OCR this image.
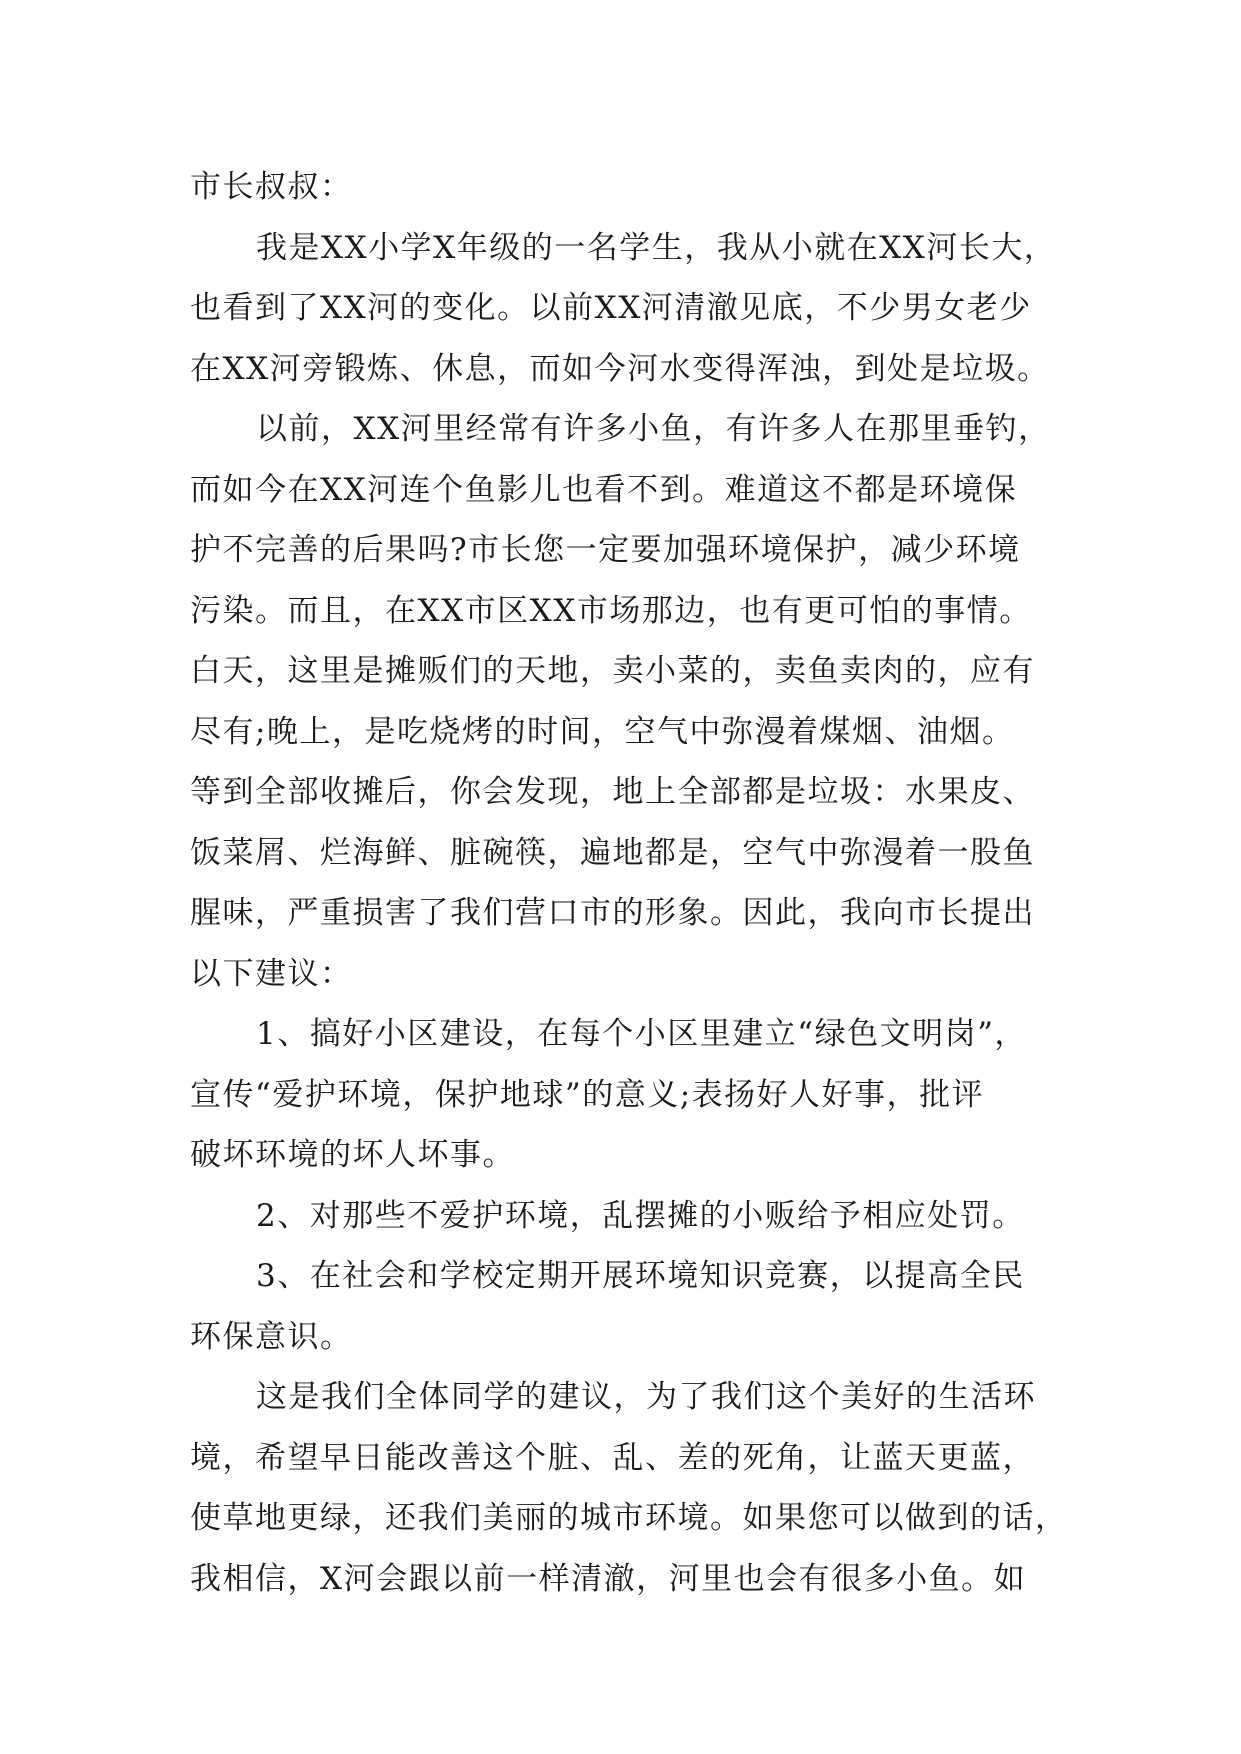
市长叔叔：
我是XX小学X年级的一名学生，我从小就在XX河长大，
也看到了XX河的变化。以前XX河清澈见底，不少男女老少
在XX河旁锻炼、休息，而如今河水变得浑浊，到处是垃圾。
以前，XX河里经常有许多小鱼，有许多人在那里垂钓，
而如今在XX河连个鱼影儿也看不到。难道这不都是环境保
护不完善的后果吗?市长您一定要加强环境保护，减少环境
污染。而且，在XX市区XX市场那边，也有更可怕的事情。
白天，这里是摊贩们的天地，卖小菜的，卖鱼卖肉的，应有
尽有;晚上，是吃烧烤的时间，空气中弥漫着煤烟、油烟。
等到全部收摊后，你会发现，地上全部都是垃圾：水果皮、
饭菜屑、烂海鲜、脏碗筷，遍地都是，空气中弥漫着一股鱼
腥味，严重损害了我们营口市的形象。因此，我向市长提出
以下建议：
1、搞好小区建设，在每个小区里建立“绿色文明岗”，
宣传“爱护环境，保护地球”的意义;表扬好人好事，批评
破坏环境的坏人坏事。
2、对那些不爱护环境，乱摆摊的小贩给予相应处罚。
3、在社会和学校定期开展环境知识竞赛，以提高全民
环保意识。
这是我们全体同学的建议，为了我们这个美好的生活环
境，希望早日能改善这个脏、乱、差的死角，让蓝天更蓝，
使草地更绿，还我们美丽的城市环境。如果您可以做到的话，
我相信，X河会跟以前一样清澈，河里也会有很多小鱼。如
